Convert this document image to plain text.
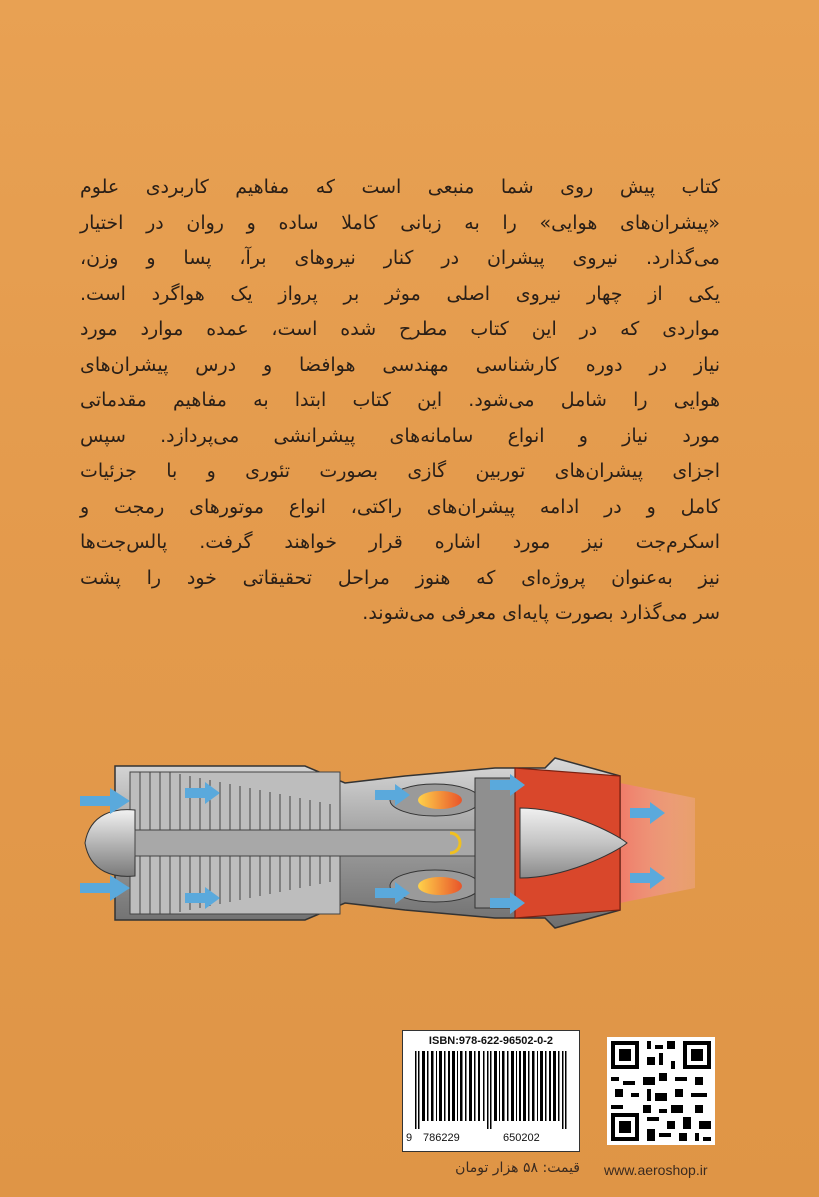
کتاب پیش روی شما منبعی است که مفاهیم کاربردی علوم
«پیشران‌های هوایی» را به زبانی کاملا ساده و روان در اختیار
می‌گذارد. نیروی پیشران در کنار نیروهای برآ، پسا و وزن،
یکی از چهار نیروی اصلی موثر بر پرواز یک هواگرد است.
مواردی که در این کتاب مطرح شده است، عمده موارد مورد
نیاز در دوره کارشناسی مهندسی هوافضا و درس پیشران‌های
هوایی را شامل می‌شود. این کتاب ابتدا به مفاهیم مقدماتی
مورد نیاز و انواع سامانه‌های پیشرانشی می‌پردازد. سپس
اجزای پیشران‌های توربین گازی بصورت تئوری و با جزئیات
کامل و در ادامه پیشران‌های راکتی، انواع موتورهای رمجت و
اسکرم‌جت نیز مورد اشاره قرار خواهند گرفت. پالس‌جت‌ها
نیز به‌عنوان پروژه‌ای که هنوز مراحل تحقیقاتی خود را پشت
سر می‌گذارد بصورت پایه‌ای معرفی می‌شوند.
ISBN:978-622-96502-0-2
9 786229	650202
قیمت: ۵۸ هزار تومان www.aeroshop.ir
